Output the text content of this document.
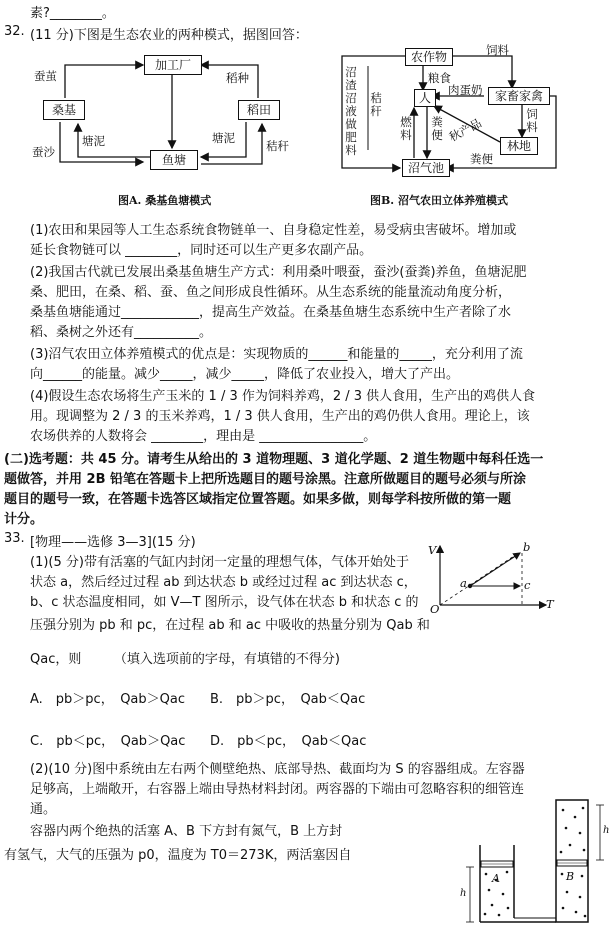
素?________。
32. (11 分)下图是生态农业的两种模式，据图回答：
加工厂
桑基	稻田
鱼塘
蚕茧
蚕沙
塘泥
稻种
塘泥
秸秆
图A. 桑基鱼塘模式
农作物
人	家畜家禽
林地
沼气池
饲料
粮食
肉蛋奶
饲料
燃料
粪便 秋产品
粪便
秸秆
沼渣沼液做肥料
图B. 沼气农田立体养殖模式
(1)农田和果园等人工生态系统食物链单一、自身稳定性差，易受病虫害破坏。增加或
延长食物链可以 ________，同时还可以生产更多农副产品。
(2)我国古代就已发展出桑基鱼塘生产方式：利用桑叶喂蚕，蚕沙(蚕粪)养鱼，鱼塘泥肥
桑、肥田，在桑、稻、蚕、鱼之间形成良性循环。从生态系统的能量流动角度分析，
桑基鱼塘能通过____________，提高生产效益。在桑基鱼塘生态系统中生产者除了水
稻、桑树之外还有__________。
(3)沼气农田立体养殖模式的优点是：实现物质的______和能量的_____，充分利用了流
向______的能量。减少_____，减少_____，降低了农业投入，增大了产出。
(4)假设生态农场将生产玉米的 1 / 3 作为饲料养鸡，2 / 3 供人食用，生产出的鸡供人食
用。现调整为 2 / 3 的玉米养鸡，1 / 3 供人食用，生产出的鸡仍供人食用。理论上，该
农场供养的人数将会 ________，理由是 ________________。
(二)选考题：共 45 分。请考生从给出的 3 道物理题、3 道化学题、2 道生物题中每科任选一
题做答，并用 2B 铅笔在答题卡上把所选题目的题号涂黑。注意所做题目的题号必须与所涂
题目的题号一致，在答题卡选答区域指定位置答题。如果多做，则每学科按所做的第一题
计分。
33. [物理——选修 3—3](15 分)
(1)(5 分)带有活塞的气缸内封闭一定量的理想气体，气体开始处于
状态 a，然后经过过程 ab 到达状态 b 或经过过程 ac 到达状态 c，
b、c 状态温度相同，如 V—T 图所示，设气体在状态 b 和状态 c 的
压强分别为 pb 和 pc，在过程 ab 和 ac 中吸收的热量分别为 Qab 和
Qac，则　　　（填入选项前的字母，有填错的不得分)
V
T
O
a
b
c
A.　pb＞pc，　Qab＞Qac B.　pb＞pc，　Qab＜Qac
C.　pb＜pc，　Qab＞Qac D.　pb＜pc，　Qab＜Qac
(2)(10 分)图中系统由左右两个侧壁绝热、底部导热、截面均为 S 的容器组成。左容器
足够高，上端敞开，右容器上端由导热材料封闭。两容器的下端由可忽略容积的细管连
通。
容器内两个绝热的活塞 A、B 下方封有氮气，B 上方封
有氢气，大气的压强为 p0，温度为 T0＝273K，两活塞因自
h
h
A	B
